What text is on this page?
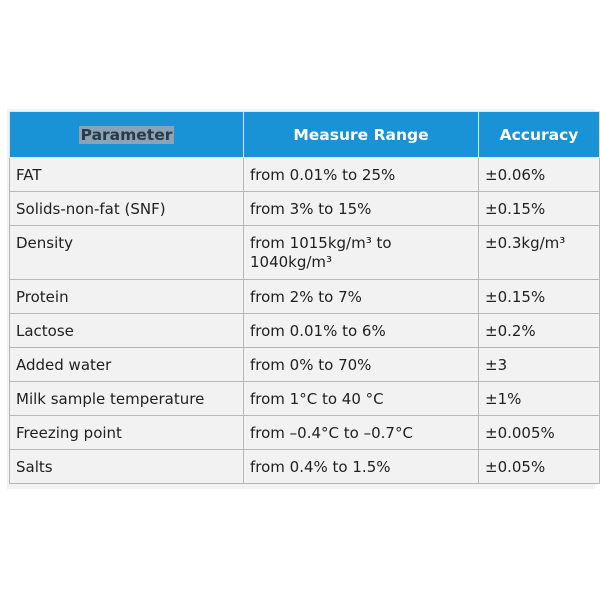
Parameter	Measure Range	Accuracy
FAT	from 0.01% to 25%	±0.06%
Solids-non-fat (SNF)	from 3% to 15%	±0.15%
Density	from 1015kg/m³ to 1040kg/m³	±0.3kg/m³
Protein	from 2% to 7%	±0.15%
Lactose	from 0.01% to 6%	±0.2%
Added water	from 0% to 70%	±3
Milk sample temperature	from 1°C to 40 °C	±1%
Freezing point	from –0.4°C to –0.7°C	±0.005%
Salts	from 0.4% to 1.5%	±0.05%
